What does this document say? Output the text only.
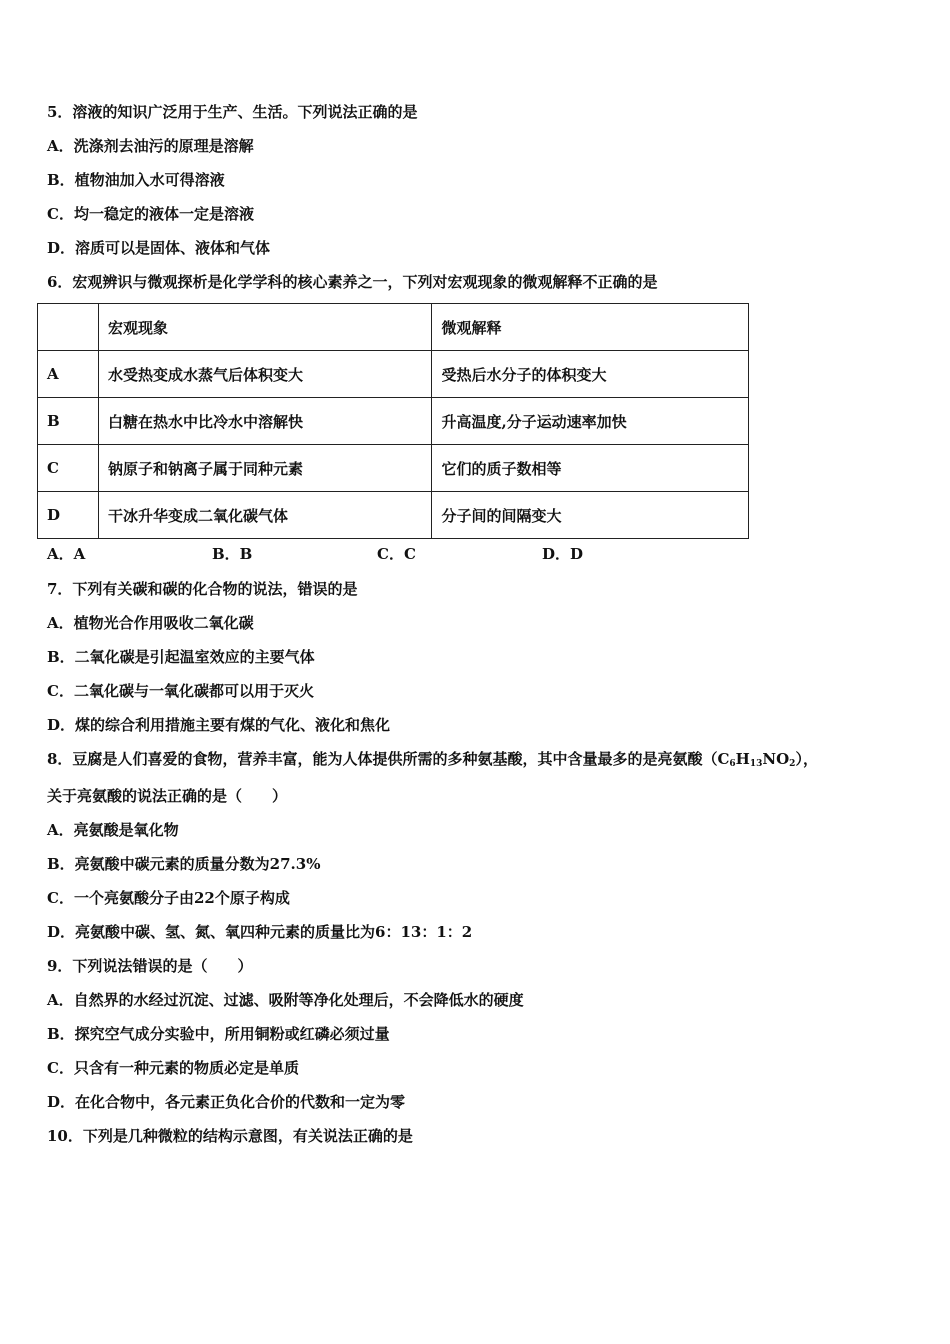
5．溶液的知识广泛用于生产、生活。下列说法正确的是
A．洗涤剂去油污的原理是溶解
B．植物油加入水可得溶液
C．均一稳定的液体一定是溶液
D．溶质可以是固体、液体和气体
6．宏观辨识与微观探析是化学学科的核心素养之一，下列对宏观现象的微观解释不正确的是
	宏观现象	微观解释
A	水受热变成水蒸气后体积变大	受热后水分子的体积变大
B	白糖在热水中比冷水中溶解快	升高温度,分子运动速率加快
C	钠原子和钠离子属于同种元素	它们的质子数相等
D	干冰升华变成二氧化碳气体	分子间的间隔变大
A．A	B．B	C．C	D．D
7．下列有关碳和碳的化合物的说法，错误的是
A．植物光合作用吸收二氧化碳
B．二氧化碳是引起温室效应的主要气体
C．二氧化碳与一氧化碳都可以用于灭火
D．煤的综合利用措施主要有煤的气化、液化和焦化
8．豆腐是人们喜爱的食物，营养丰富，能为人体提供所需的多种氨基酸，其中含量最多的是亮氨酸$(C_6H_{13}NO_2)$，
关于亮氨酸的说法正确的是（　　）
A．亮氨酸是氧化物
B．亮氨酸中碳元素的质量分数为27.3%
C．一个亮氨酸分子由22个原子构成
D．亮氨酸中碳、氢、氮、氧四种元素的质量比为6：13：1：2
9．下列说法错误的是（　　）
A．自然界的水经过沉淀、过滤、吸附等净化处理后，不会降低水的硬度
B．探究空气成分实验中，所用铜粉或红磷必须过量
C．只含有一种元素的物质必定是单质
D．在化合物中，各元素正负化合价的代数和一定为零
10．下列是几种微粒的结构示意图，有关说法正确的是
